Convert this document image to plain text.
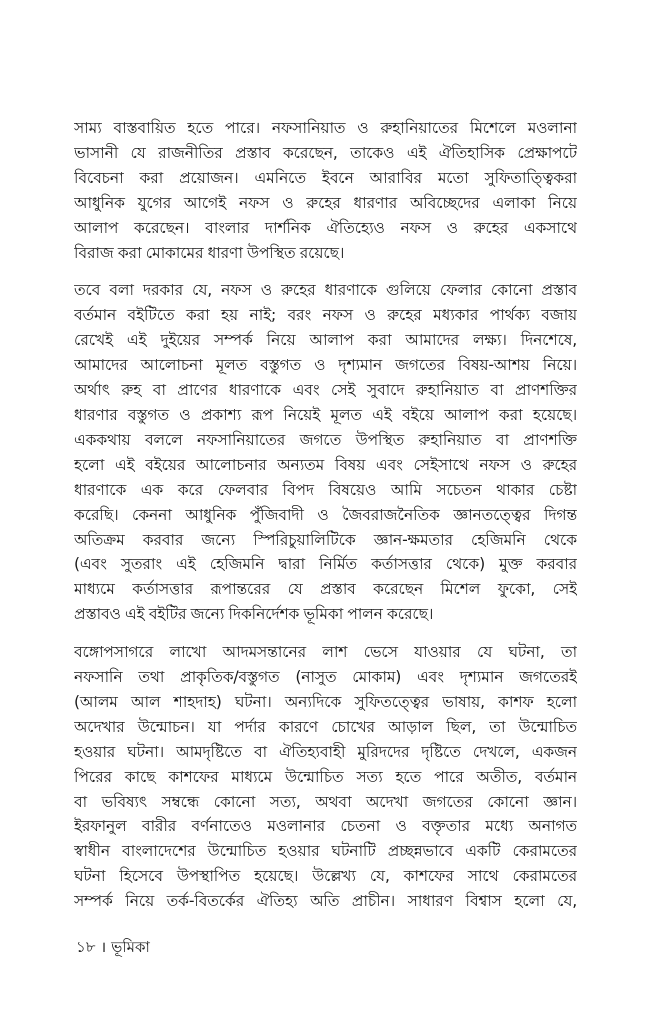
সাম্য বাস্তবায়িত হতে পারে। নফসানিয়াত ও রুহানিয়াতের মিশেলে মওলানা
ভাসানী যে রাজনীতির প্রস্তাব করেছেন, তাকেও এই ঐতিহাসিক প্রেক্ষাপটে
বিবেচনা করা প্রয়োজন। এমনিতে ইবনে আরাবির মতো সুফিতাত্ত্বিকরা
আধুনিক যুগের আগেই নফস ও রুহের ধারণার অবিচ্ছেদের এলাকা নিয়ে
আলাপ করেছেন। বাংলার দার্শনিক ঐতিহ্যেও নফস ও রুহের একসাথে
বিরাজ করা মোকামের ধারণা উপস্থিত রয়েছে।

তবে বলা দরকার যে, নফস ও রুহের ধারণাকে গুলিয়ে ফেলার কোনো প্রস্তাব
বর্তমান বইটিতে করা হয় নাই; বরং নফস ও রুহের মধ্যকার পার্থক্য বজায়
রেখেই এই দুইয়ের সম্পর্ক নিয়ে আলাপ করা আমাদের লক্ষ্য। দিনশেষে,
আমাদের আলোচনা মূলত বস্তুগত ও দৃশ্যমান জগতের বিষয়-আশয় নিয়ে।
অর্থাৎ রুহ বা প্রাণের ধারণাকে এবং সেই সুবাদে রুহানিয়াত বা প্রাণশক্তির
ধারণার বস্তুগত ও প্রকাশ্য রূপ নিয়েই মূলত এই বইয়ে আলাপ করা হয়েছে।
এককথায় বললে নফসানিয়াতের জগতে উপস্থিত রুহানিয়াত বা প্রাণশক্তি
হলো এই বইয়ের আলোচনার অন্যতম বিষয় এবং সেইসাথে নফস ও রুহের
ধারণাকে এক করে ফেলবার বিপদ বিষয়েও আমি সচেতন থাকার চেষ্টা
করেছি। কেননা আধুনিক পুঁজিবাদী ও জৈবরাজনৈতিক জ্ঞানতত্ত্বের দিগন্ত
অতিক্রম করবার জন্যে স্পিরিচুয়ালিটিকে জ্ঞান-ক্ষমতার হেজিমনি থেকে
(এবং সুতরাং এই হেজিমনি দ্বারা নির্মিত কর্তাসত্তার থেকে) মুক্ত করবার
মাধ্যমে কর্তাসত্তার রূপান্তরের যে প্রস্তাব করেছেন মিশেল ফুকো, সেই
প্রস্তাবও এই বইটির জন্যে দিকনির্দেশক ভূমিকা পালন করেছে।

বঙ্গোপসাগরে লাখো আদমসন্তানের লাশ ভেসে যাওয়ার যে ঘটনা, তা
নফসানি তথা প্রাকৃতিক/বস্তুগত (নাসুত মোকাম) এবং দৃশ্যমান জগতেরই
(আলম আল শাহদাহ) ঘটনা। অন্যদিকে সুফিতত্ত্বের ভাষায়, কাশফ হলো
অদেখার উন্মোচন। যা পর্দার কারণে চোখের আড়াল ছিল, তা উন্মোচিত
হওয়ার ঘটনা। আমদৃষ্টিতে বা ঐতিহ্যবাহী মুরিদদের দৃষ্টিতে দেখলে, একজন
পিরের কাছে কাশফের মাধ্যমে উন্মোচিত সত্য হতে পারে অতীত, বর্তমান
বা ভবিষ্যৎ সম্বন্ধে কোনো সত্য, অথবা অদেখা জগতের কোনো জ্ঞান।
ইরফানুল বারীর বর্ণনাতেও মওলানার চেতনা ও বক্তৃতার মধ্যে অনাগত
স্বাধীন বাংলাদেশের উন্মোচিত হওয়ার ঘটনাটি প্রচ্ছন্নভাবে একটি কেরামতের
ঘটনা হিসেবে উপস্থাপিত হয়েছে। উল্লেখ্য যে, কাশফের সাথে কেরামতের
সম্পর্ক নিয়ে তর্ক-বিতর্কের ঐতিহ্য অতি প্রাচীন। সাধারণ বিশ্বাস হলো যে,

১৮ । ভূমিকা
